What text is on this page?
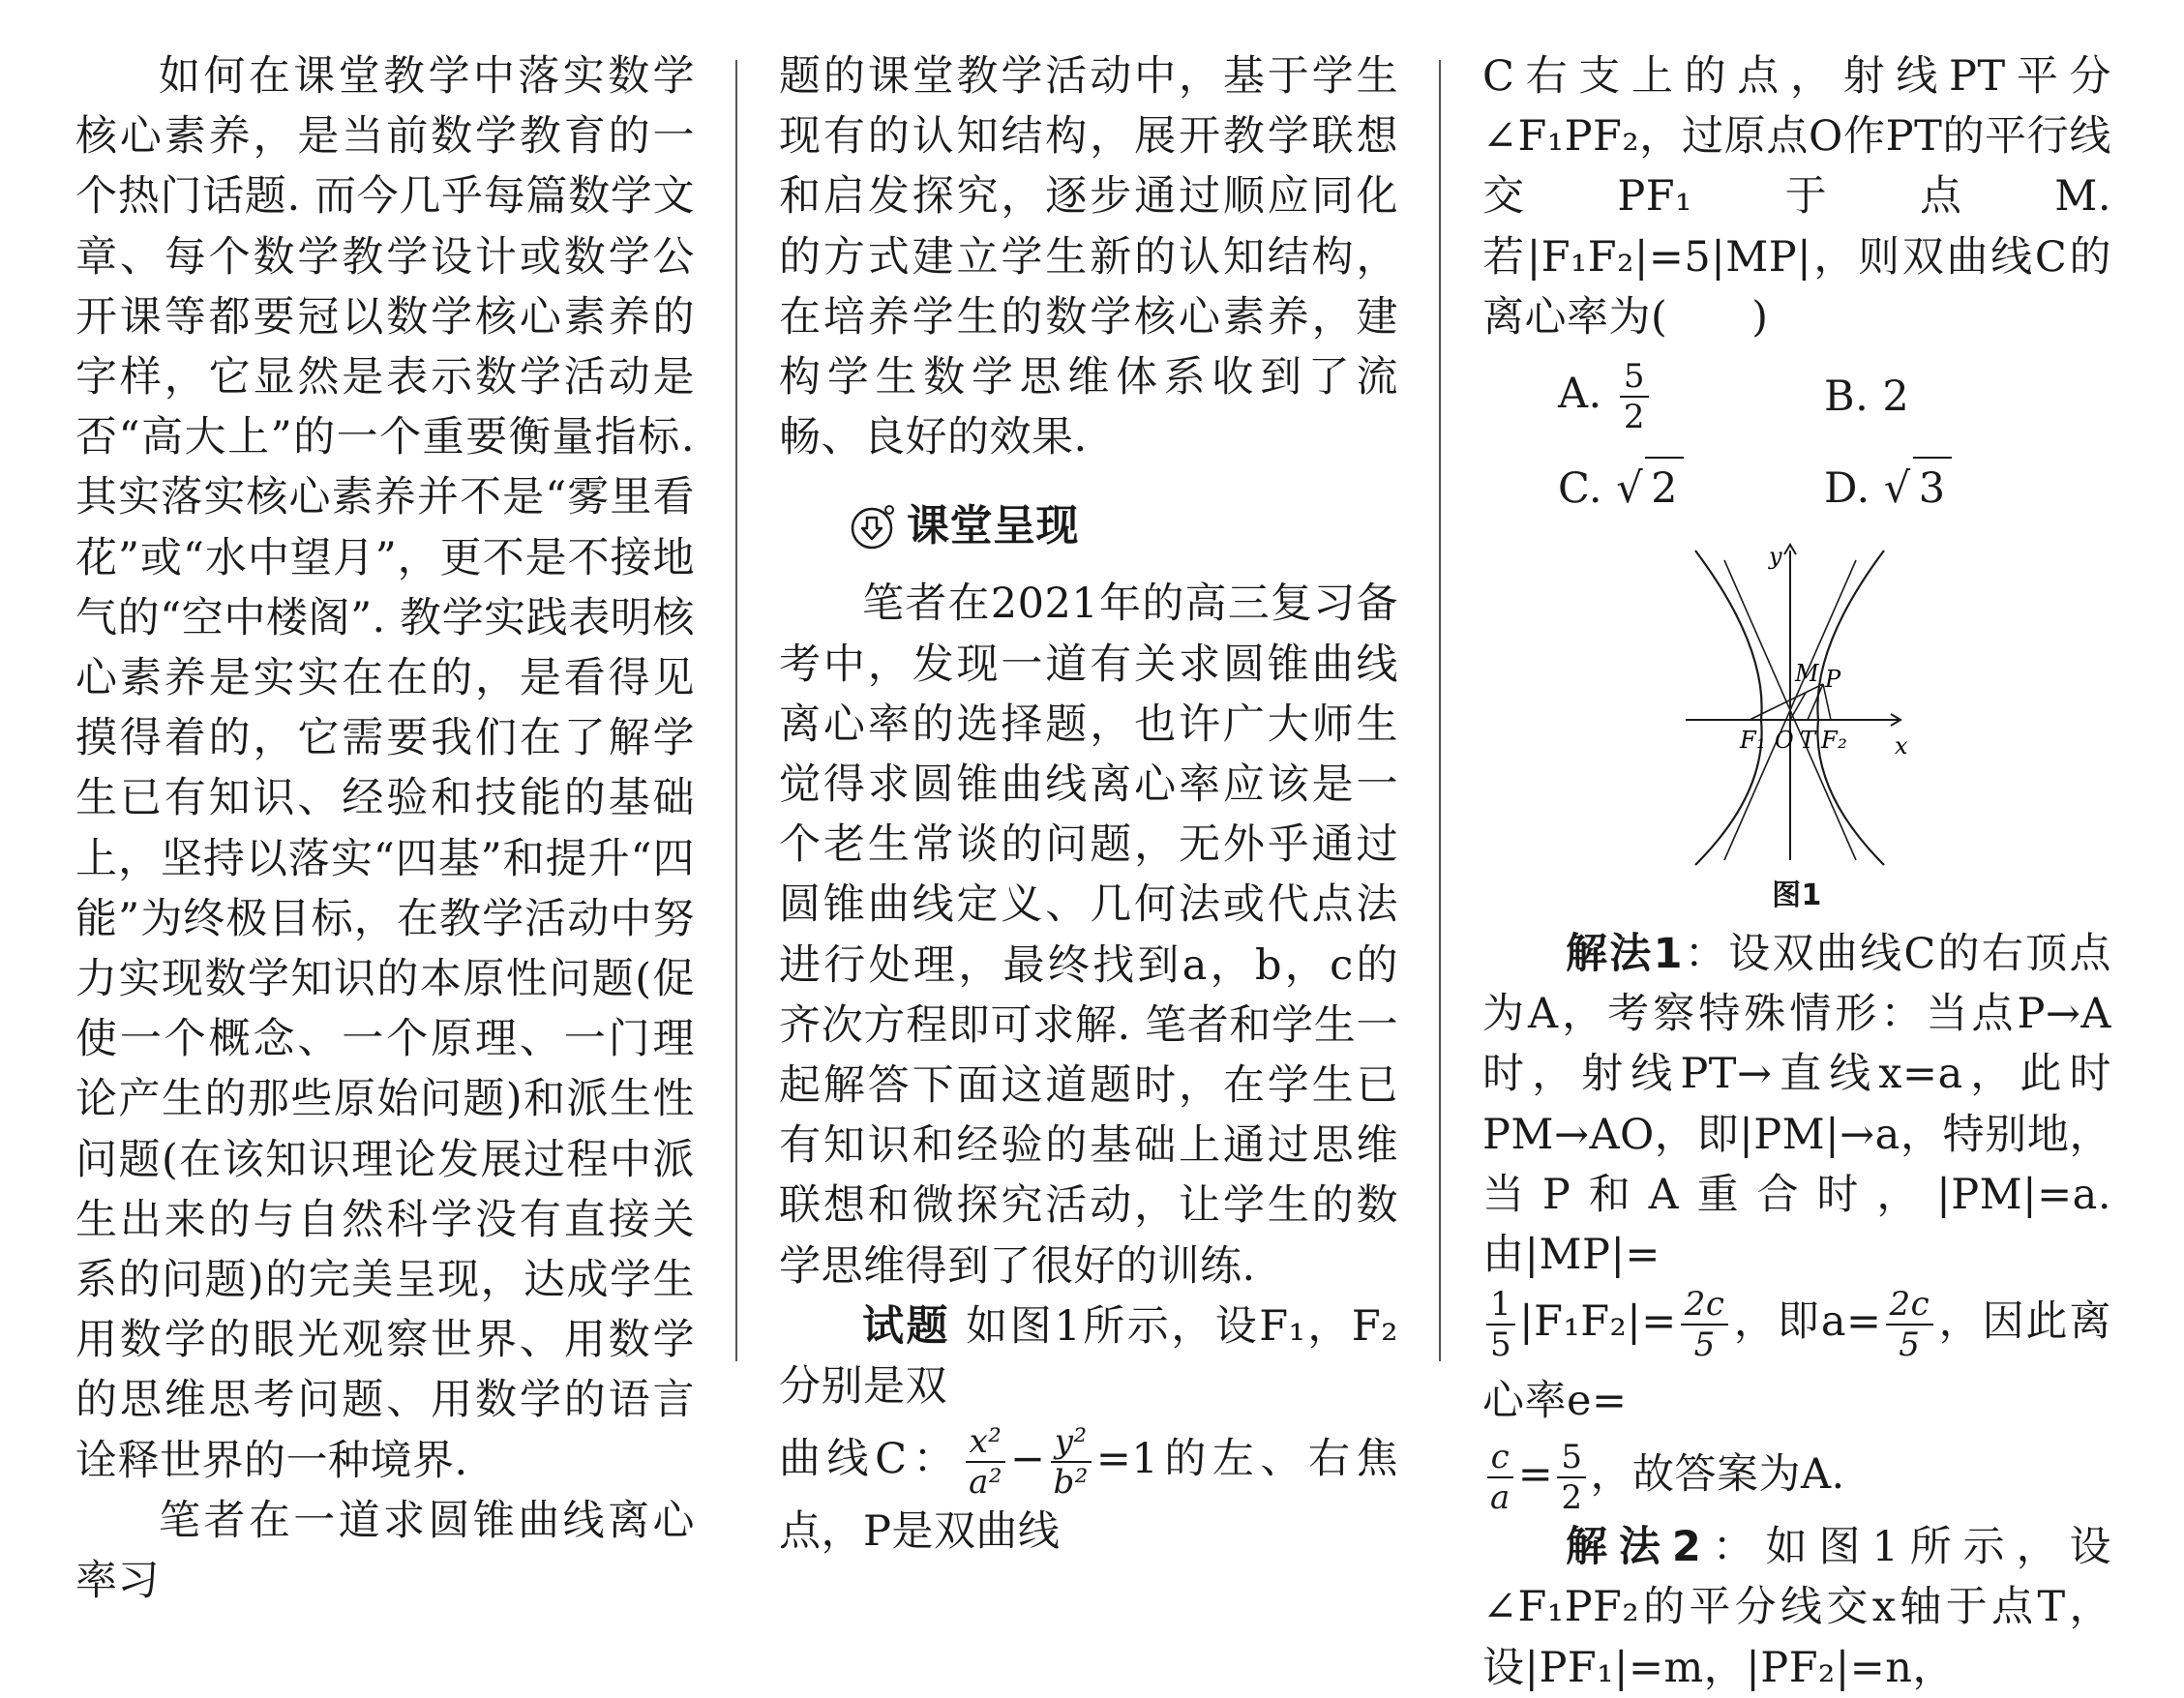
如何在课堂教学中落实数学核心素养，是当前数学教育的一个热门话题. 而今几乎每篇数学文章、每个数学教学设计或数学公开课等都要冠以数学核心素养的字样，它显然是表示数学活动是否“高大上”的一个重要衡量指标. 其实落实核心素养并不是“雾里看花”或“水中望月”，更不是不接地气的“空中楼阁”. 教学实践表明核心素养是实实在在的，是看得见摸得着的，它需要我们在了解学生已有知识、经验和技能的基础上，坚持以落实“四基”和提升“四能”为终极目标，在教学活动中努力实现数学知识的本原性问题(促使一个概念、一个原理、一门理论产生的那些原始问题)和派生性问题(在该知识理论发展过程中派生出来的与自然科学没有直接关系的问题)的完美呈现，达成学生用数学的眼光观察世界、用数学的思维思考问题、用数学的语言诠释世界的一种境界.

笔者在一道求圆锥曲线离心率习

题的课堂教学活动中，基于学生现有的认知结构，展开教学联想和启发探究，逐步通过顺应同化的方式建立学生新的认知结构，在培养学生的数学核心素养，建构学生数学思维体系收到了流畅、良好的效果.

课堂呈现

笔者在2021年的高三复习备考中，发现一道有关求圆锥曲线离心率的选择题，也许广大师生觉得求圆锥曲线离心率应该是一个老生常谈的问题，无外乎通过圆锥曲线定义、几何法或代点法进行处理，最终找到a，b，c的齐次方程即可求解. 笔者和学生一起解答下面这道题时，在学生已有知识和经验的基础上通过思维联想和微探究活动，让学生的数学思维得到了很好的训练.

试题 如图1所示，设F₁，F₂分别是双

曲线C： $\frac{\text{x²}}{\text{a²}} - \frac{\text{y²}}{\text{b²}} =1$的左、右焦点，P是双曲线

C右支上的点，射线PT平分∠F₁PF₂，过原点O作PT的平行线交PF₁于点M. 若|F₁F₂|=5|MP|，则双曲线C的离心率为(　　)

A. $\frac{5}{2}$	B. 2
C. √ 2	D. √ 3
y
x
M P
F₁ O T F₂
图1

解法1：设双曲线C的右顶点为A，考察特殊情形：当点P→A时，射线PT→直线x=a，此时PM→AO，即|PM|→a，特别地，当P和A重合时，|PM|=a. 由|MP|=

$\frac{1}{5} |F_1F_2|= \frac{2c}{5}$ ，即$a= \frac{2c}{5}$ ，因此离心率e=

$\frac{c}{a} = \frac{5}{2}$ ，故答案为A.

解法2：如图1所示，设∠F₁PF₂的平分线交x轴于点T，设|PF₁|=m，|PF₂|=n，
